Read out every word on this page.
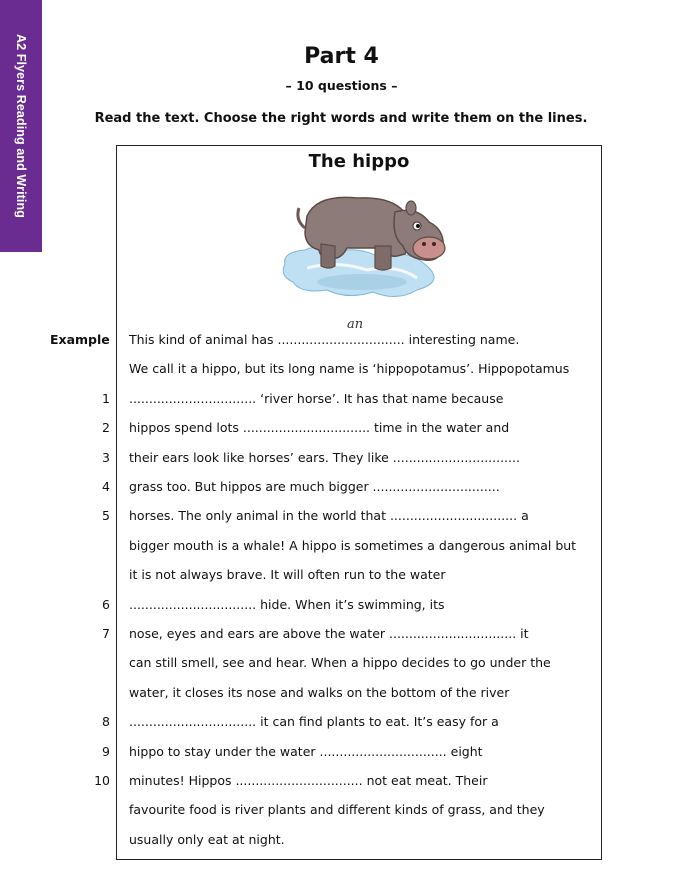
A2 Flyers Reading and Writing	Part 4
– 10 questions –
Read the text. Choose the right words and write them on the lines.
The hippo
Example
an
This kind of animal has ................................ interesting name.
We call it a hippo, but its long name is ‘hippopotamus’. Hippopotamus
1 ................................ ‘river horse’. It has that name because
2 hippos spend lots ................................ time in the water and
3 their ears look like horses’ ears. They like ................................
4 grass too. But hippos are much bigger ................................
5 horses. The only animal in the world that ................................ a
bigger mouth is a whale! A hippo is sometimes a dangerous animal but
it is not always brave. It will often run to the water
6 ................................ hide. When it’s swimming, its
7 nose, eyes and ears are above the water ................................ it
can still smell, see and hear. When a hippo decides to go under the
water, it closes its nose and walks on the bottom of the river
8 ................................ it can find plants to eat. It’s easy for a
9 hippo to stay under the water ................................ eight
10 minutes! Hippos ................................ not eat meat. Their
favourite food is river plants and different kinds of grass, and they
usually only eat at night.
